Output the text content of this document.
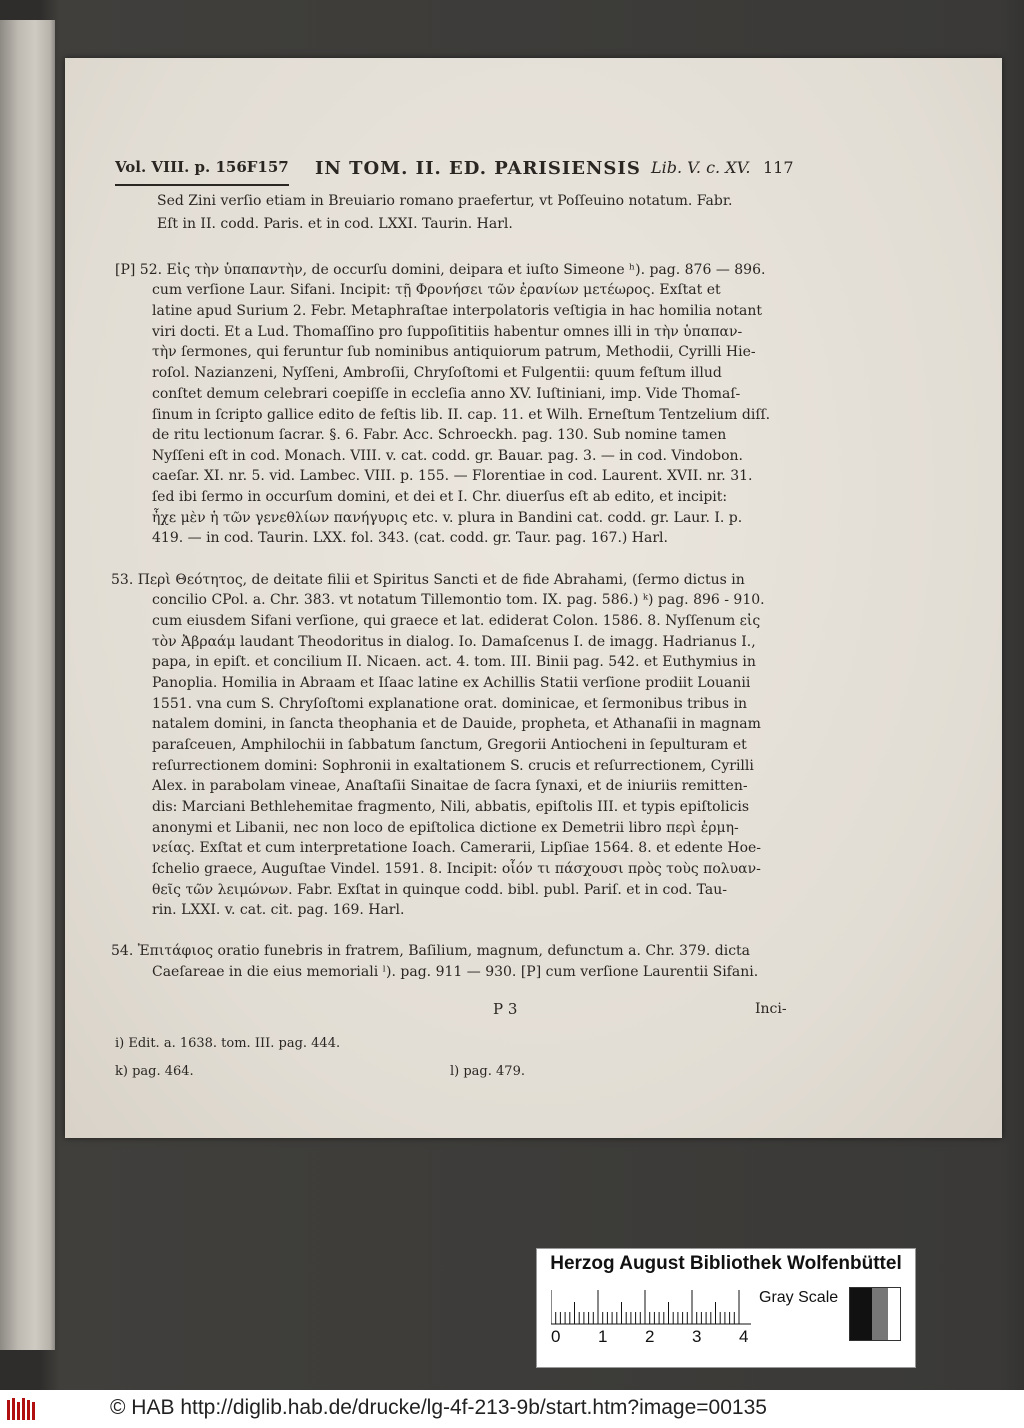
Vol. VIII. p. 156F157 IN TOM. II. ED. PARISIENSIS Lib. V. c. XV. 117
Sed Zini verſio etiam in Breuiario romano praefertur, vt Poſſeuino notatum. Fabr.
Eſt in II. codd. Paris. et in cod. LXXI. Taurin. Harl.
[P] 52. Εἰς τὴν ὑπαπαντὴν, de occurſu domini, deipara et iuſto Simeone ʰ). pag. 876 — 896.
cum verſione Laur. Sifani. Incipit: τῇ Φρονήσει τῶν ἐρανίων μετέωρος. Exſtat et
latine apud Surium 2. Febr. Metaphraſtae interpolatoris veſtigia in hac homilia notant
viri docti. Et a Lud. Thomaſſino pro ſuppoſititiis habentur omnes illi in τὴν ὑπαπαν-
τὴν ſermones, qui feruntur ſub nominibus antiquiorum patrum, Methodii, Cyrilli Hie-
roſol. Nazianzeni, Nyſſeni, Ambroſii, Chryſoſtomi et Fulgentii: quum feſtum illud
conſtet demum celebrari coepiſſe in eccleſia anno XV. Iuſtiniani, imp. Vide Thomaſ-
ſinum in ſcripto gallice edito de feſtis lib. II. cap. 11. et Wilh. Erneſtum Tentzelium diſſ.
de ritu lectionum ſacrar. §. 6. Fabr. Acc. Schroeckh. pag. 130. Sub nomine tamen
Nyſſeni eſt in cod. Monach. VIII. v. cat. codd. gr. Bauar. pag. 3. — in cod. Vindobon.
caeſar. XI. nr. 5. vid. Lambec. VIII. p. 155. — Florentiae in cod. Laurent. XVII. nr. 31.
ſed ibi ſermo in occurſum domini, et dei et I. Chr. diuerſus eſt ab edito, et incipit:
ἦχε μὲν ἡ τῶν γενεθλίων πανήγυρις etc. v. plura in Bandini cat. codd. gr. Laur. I. p.
419. — in cod. Taurin. LXX. fol. 343. (cat. codd. gr. Taur. pag. 167.) Harl.
53. Περὶ Θεότητος, de deitate filii et Spiritus Sancti et de fide Abrahami, (ſermo dictus in
concilio CPol. a. Chr. 383. vt notatum Tillemontio tom. IX. pag. 586.) ᵏ) pag. 896 - 910.
cum eiusdem Sifani verſione, qui graece et lat. ediderat Colon. 1586. 8. Nyſſenum εἰς
τὸν Ἀβραάμ laudant Theodoritus in dialog. Io. Damaſcenus I. de imagg. Hadrianus I.,
papa, in epiſt. et concilium II. Nicaen. act. 4. tom. III. Binii pag. 542. et Euthymius in
Panoplia. Homilia in Abraam et Iſaac latine ex Achillis Statii verſione prodiit Louanii
1551. vna cum S. Chryſoſtomi explanatione orat. dominicae, et ſermonibus tribus in
natalem domini, in ſancta theophania et de Dauide, propheta, et Athanaſii in magnam
paraſceuen, Amphilochii in ſabbatum ſanctum, Gregorii Antiocheni in ſepulturam et
reſurrectionem domini: Sophronii in exaltationem S. crucis et reſurrectionem, Cyrilli
Alex. in parabolam vineae, Anaſtaſii Sinaitae de ſacra ſynaxi, et de iniuriis remitten-
dis: Marciani Bethlehemitae fragmento, Nili, abbatis, epiſtolis III. et typis epiſtolicis
anonymi et Libanii, nec non loco de epiſtolica dictione ex Demetrii libro περὶ ἑρμη-
νείας. Exſtat et cum interpretatione Ioach. Camerarii, Lipſiae 1564. 8. et edente Hoe-
ſchelio graece, Auguſtae Vindel. 1591. 8. Incipit: οἷόν τι πάσχουσι πρὸς τοὺς πολυαν-
θεῖς τῶν λειμώνων. Fabr. Exſtat in quinque codd. bibl. publ. Pariſ. et in cod. Tau-
rin. LXXI. v. cat. cit. pag. 169. Harl.
54. Ἐπιτάφιος oratio funebris in fratrem, Baſilium, magnum, defunctum a. Chr. 379. dicta
Caeſareae in die eius memoriali ˡ). pag. 911 — 930. [P] cum verſione Laurentii Sifani.
P 3	Inci-
i) Edit. a. 1638. tom. III. pag. 444.
k) pag. 464.	l) pag. 479.
Herzog August Bibliothek Wolfenbüttel
0 1 2 3 4
Gray Scale
© HAB http://diglib.hab.de/drucke/lg-4f-213-9b/start.htm?image=00135
